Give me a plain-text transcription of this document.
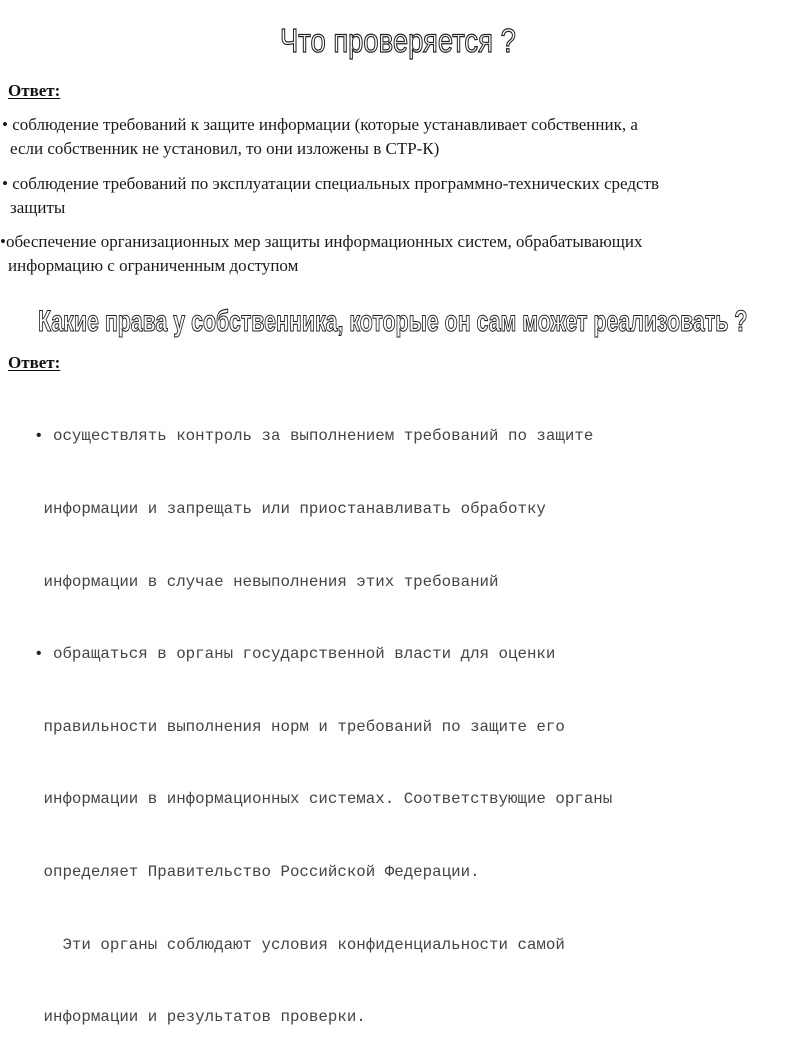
Что проверяется ?
Ответ:
• соблюдение требований к защите информации (которые устанавливает собственник, а
если собственник не установил, то они изложены в СТР-К)
• соблюдение требований по эксплуатации специальных программно-технических средств
защиты
•обеспечение организационных мер защиты информационных систем, обрабатывающих
информацию с ограниченным доступом
Какие права у собственника, которые он сам может реализовать ?
Ответ:

• осуществлять контроль за выполнением требований по защите

информации и запрещать или приостанавливать обработку

информации в случае невыполнения этих требований

• обращаться в органы государственной власти для оценки

правильности выполнения норм и требований по защите его

информации в информационных системах. Соответствующие органы

определяет Правительство Российской Федерации.

Эти органы соблюдают условия конфиденциальности самой

информации и результатов проверки.
